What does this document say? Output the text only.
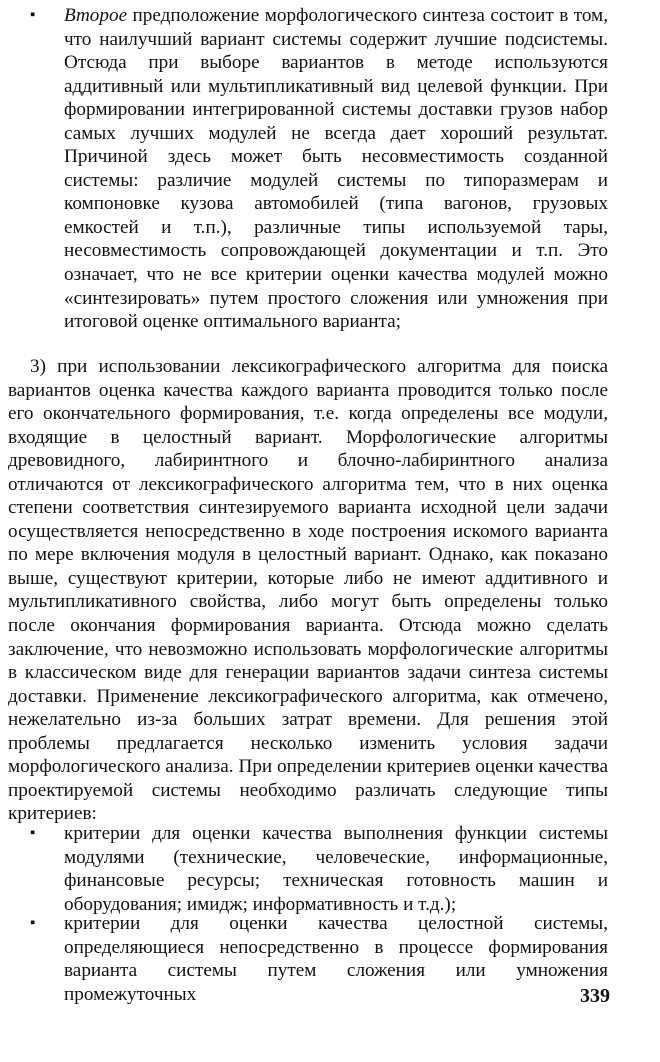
▪ Второе предположение морфологического синтеза состоит в том, что наилучший вариант системы содержит лучшие подсистемы. Отсюда при выборе вариантов в методе используются аддитивный или мультипликативный вид целевой функции. При формировании интегрированной системы доставки грузов набор самых лучших модулей не всегда дает хороший результат. Причиной здесь может быть несовместимость созданной системы: различие модулей системы по типоразмерам и компоновке кузова автомобилей (типа вагонов, грузовых емкостей и т.п.), различные типы используемой тары, несовместимость сопровождающей документации и т.п. Это означает, что не все критерии оценки качества модулей можно «синтезировать» путем простого сложения или умножения при итоговой оценке оптимального варианта;
3) при использовании лексикографического алгоритма для поиска вариантов оценка качества каждого варианта проводится только после его окончательного формирования, т.е. когда определены все модули, входящие в целостный вариант. Морфологические алгоритмы древовидного, лабиринтного и блочно-лабиринтного анализа отличаются от лексикографического алгоритма тем, что в них оценка степени соответствия синтезируемого варианта исходной цели задачи осуществляется непосредственно в ходе построения искомого варианта по мере включения модуля в целостный вариант. Однако, как показано выше, существуют критерии, которые либо не имеют аддитивного и мультипликативного свойства, либо могут быть определены только после окончания формирования варианта. Отсюда можно сделать заключение, что невозможно использовать морфологические алгоритмы в классическом виде для генерации вариантов задачи синтеза системы доставки. Применение лексикографического алгоритма, как отмечено, нежелательно из-за больших затрат времени. Для решения этой проблемы предлагается несколько изменить условия задачи морфологического анализа. При определении критериев оценки качества проектируемой системы необходимо различать следующие типы критериев:
▪ критерии для оценки качества выполнения функции системы модулями (технические, человеческие, информационные, финансовые ресурсы; техническая готовность машин и оборудования; имидж; информативность и т.д.);
▪ критерии для оценки качества целостной системы, определяющиеся непосредственно в процессе формирования варианта системы путем сложения или умножения промежуточных	339
